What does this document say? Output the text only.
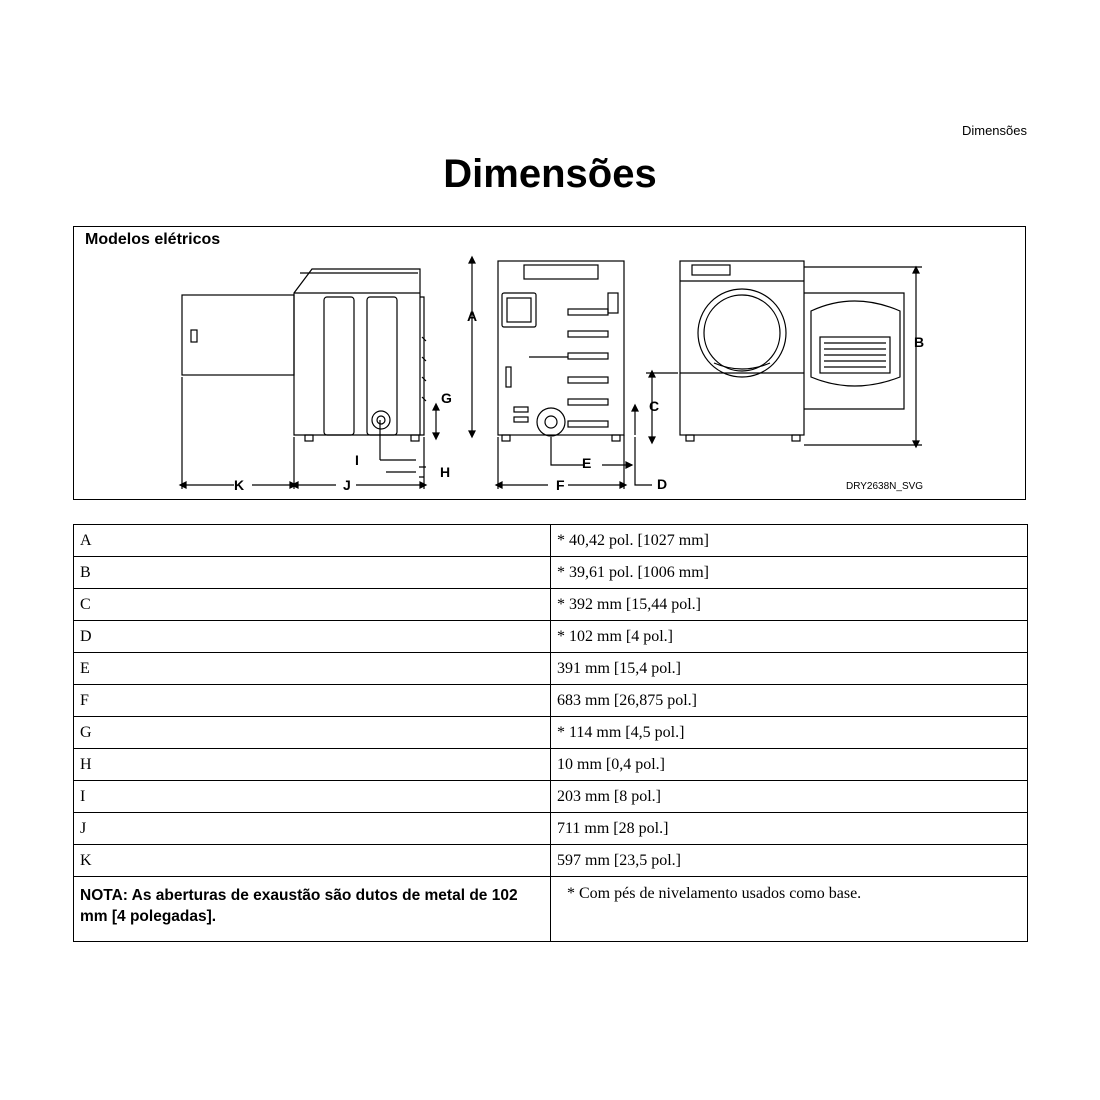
Dimensões
Dimensões
Modelos elétricos
A
G
I
H
K	J
E
F
C
D
B
DRY2638N_SVG
A	* 40,42 pol. [1027 mm]
B	* 39,61 pol. [1006 mm]
C	* 392 mm [15,44 pol.]
D	* 102 mm [4 pol.]
E	391 mm [15,4 pol.]
F	683 mm [26,875 pol.]
G	* 114 mm [4,5 pol.]
H	10 mm [0,4 pol.]
I	203 mm [8 pol.]
J	711 mm [28 pol.]
K	597 mm [23,5 pol.]
NOTA: As aberturas de exaustão são dutos de metal de 102 mm [4 polegadas].	* Com pés de nivelamento usados como base.
